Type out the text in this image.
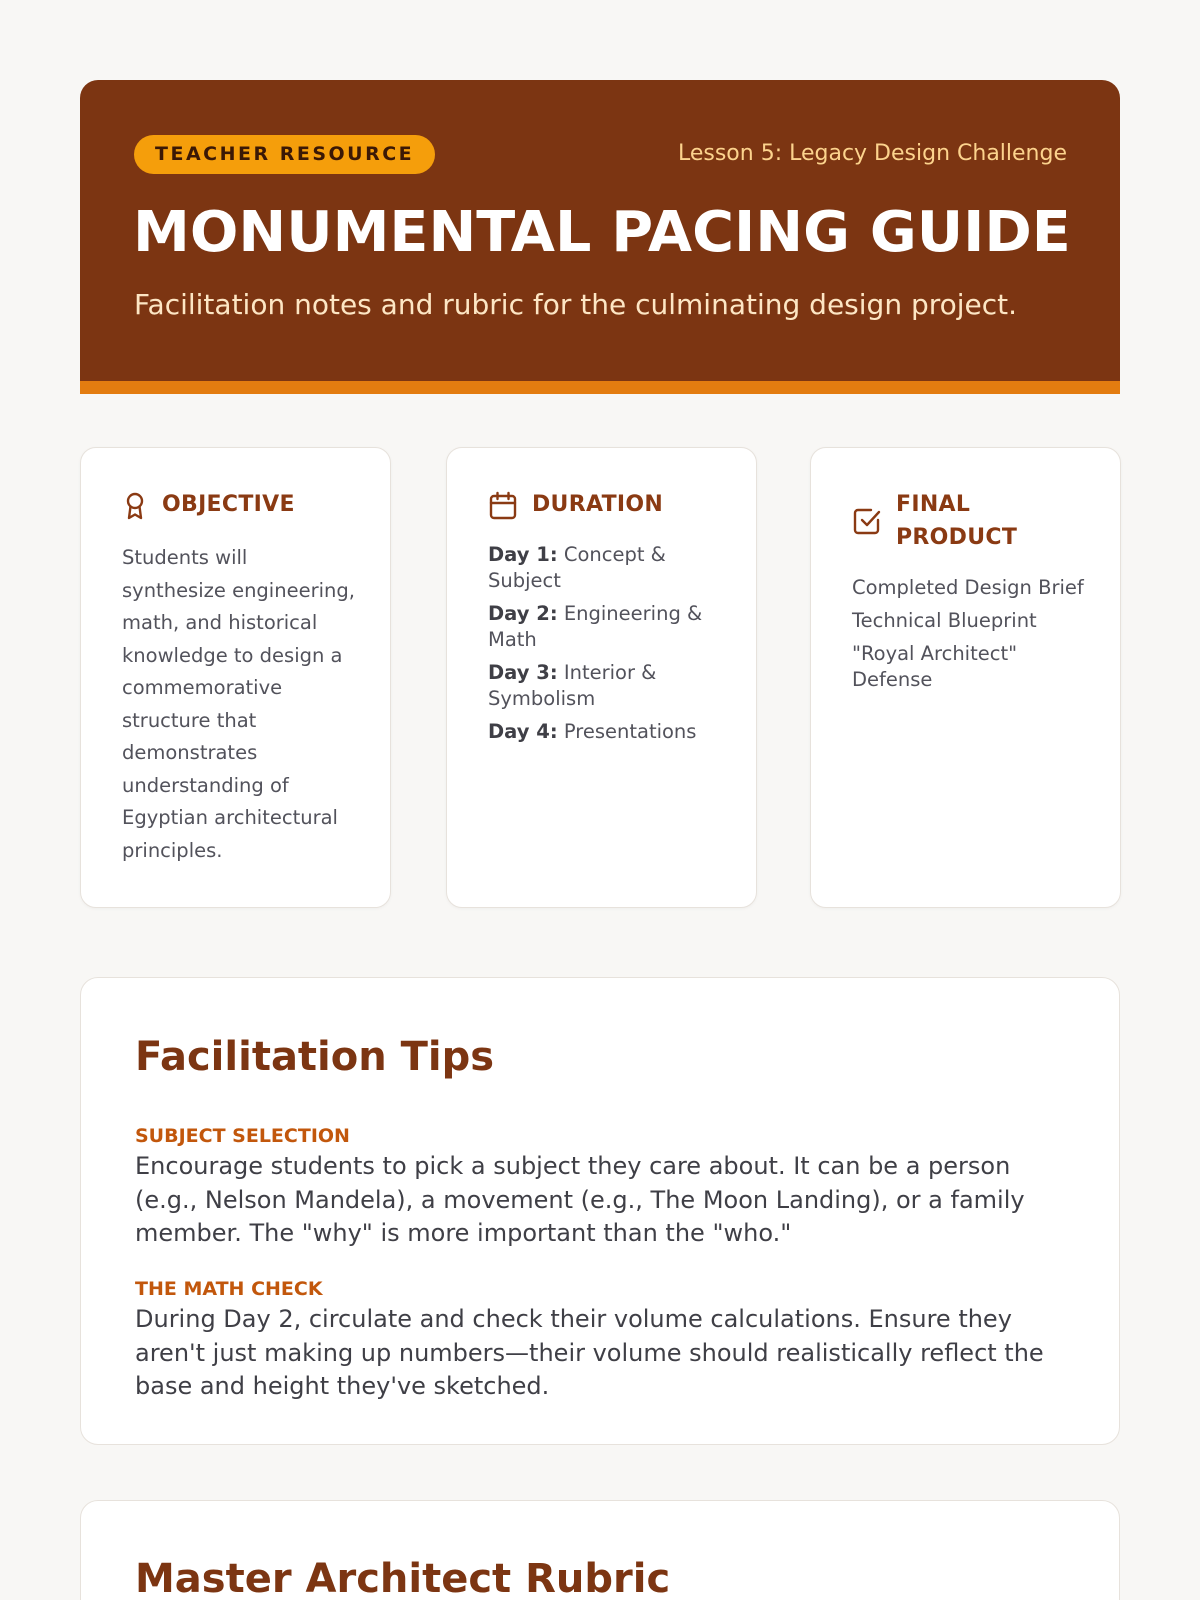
TEACHER RESOURCE	Lesson 5: Legacy Design Challenge
MONUMENTAL PACING GUIDE

Facilitation notes and rubric for the culminating design project.

OBJECTIVE

Students will synthesize engineering, math, and historical knowledge to design a commemorative structure that demonstrates understanding of Egyptian architectural principles.

DURATION
Day 1: Concept & Subject
Day 2: Engineering & Math
Day 3: Interior & Symbolism
Day 4: Presentations
FINAL PRODUCT
Completed Design Brief
Technical Blueprint
"Royal Architect" Defense
Facilitation Tips
SUBJECT SELECTION

Encourage students to pick a subject they care about. It can be a person (e.g., Nelson Mandela), a movement (e.g., The Moon Landing), or a family member. The "why" is more important than the "who."

THE MATH CHECK

During Day 2, circulate and check their volume calculations. Ensure they aren't just making up numbers—their volume should realistically reflect the base and height they've sketched.

Master Architect Rubric
